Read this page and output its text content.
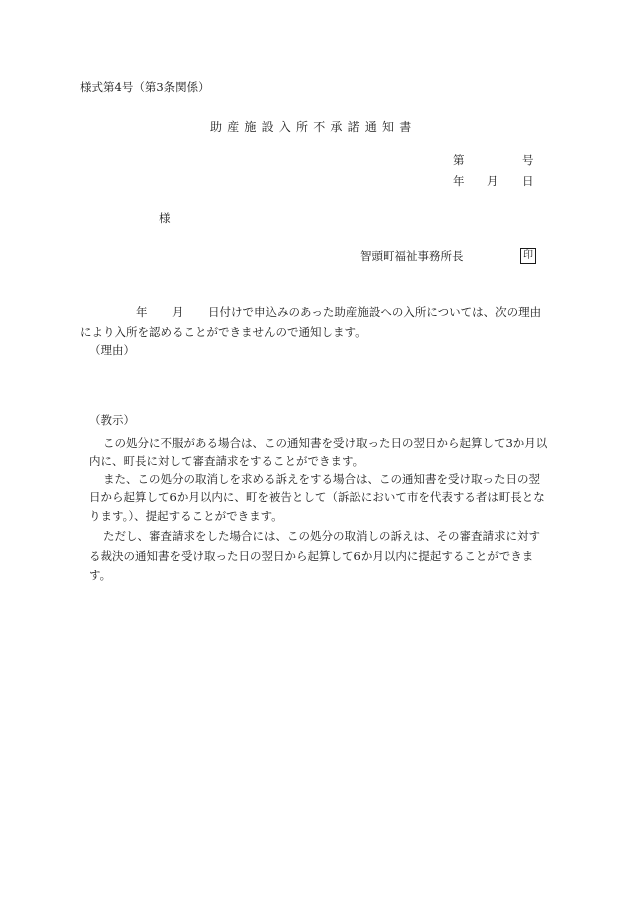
様式第4号（第3条関係）
助産施設入所不承諾通知書
第	号
年 月 日
様
智頭町福祉事務所長	印
年 月 日付けで申込みのあった助産施設への入所については、次の理由
により入所を認めることができませんので通知します。
（理由）
（教示）
この処分に不服がある場合は、この通知書を受け取った日の翌日から起算して3か月以
内に、町長に対して審査請求をすることができます。
また、この処分の取消しを求める訴えをする場合は、この通知書を受け取った日の翌
日から起算して6か月以内に、町を被告として（訴訟において市を代表する者は町長とな
ります。）、提起することができます。
ただし、審査請求をした場合には、この処分の取消しの訴えは、その審査請求に対す
る裁決の通知書を受け取った日の翌日から起算して6か月以内に提起することができま
す。
